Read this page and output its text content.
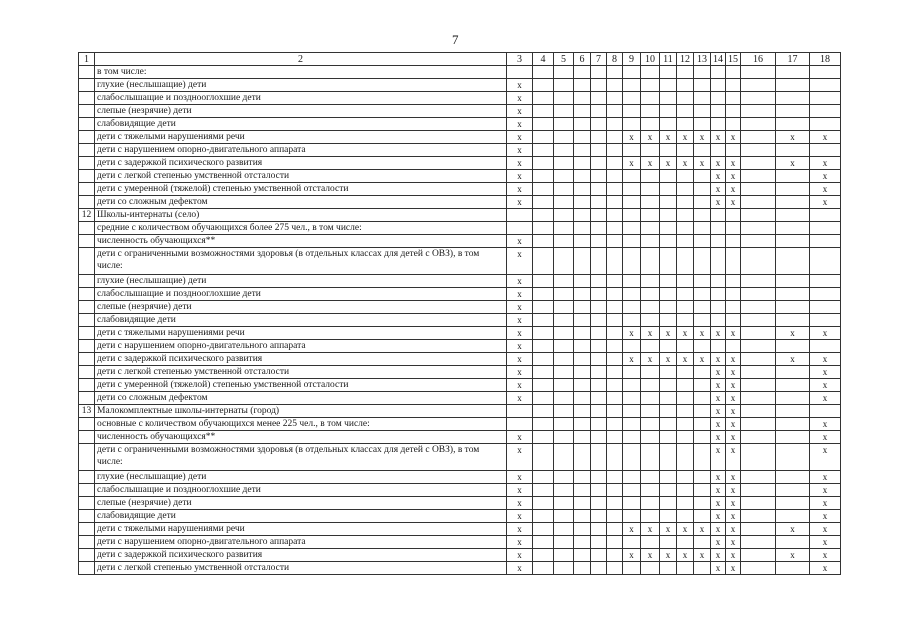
7
1	2	3	4	5	6	7	8	9	10	11	12	13	14	15	16	17	18
	в том числе:																
	глухие (неслышащие) дети	x															
	слабослышащие и позднооглохшие дети	x															
	слепые (незрячие) дети	x															
	слабовидящие дети	x															
	дети с тяжелыми нарушениями речи	x						x	x	x	x	x	x	x		x	x
	дети с нарушением опорно-двигательного аппарата	x															
	дети с задержкой психического развития	x						x	x	x	x	x	x	x		x	x
	дети с легкой степенью умственной отсталости	x											x	x			x
	дети с умеренной (тяжелой) степенью умственной отсталости	x											x	x			x
	дети со сложным дефектом	x											x	x			x
12	Школы-интернаты (село)																
	средние с количеством обучающихся более 275 чел., в том числе:																
	численность обучающихся**	x															
	дети с ограниченными возможностями здоровья (в отдельных классах для детей с ОВЗ), в том числе:	x															
	глухие (неслышащие) дети	x															
	слабослышащие и позднооглохшие дети	x															
	слепые (незрячие) дети	x															
	слабовидящие дети	x															
	дети с тяжелыми нарушениями речи	x						x	x	x	x	x	x	x		x	x
	дети с нарушением опорно-двигательного аппарата	x															
	дети с задержкой психического развития	x						x	x	x	x	x	x	x		x	x
	дети с легкой степенью умственной отсталости	x											x	x			x
	дети с умеренной (тяжелой) степенью умственной отсталости	x											x	x			x
	дети со сложным дефектом	x											x	x			x
13	Малокомплектные школы-интернаты (город)												x	x			
	основные с количеством обучающихся менее 225 чел., в том числе:												x	x			x
	численность обучающихся**	x											x	x			x
	дети с ограниченными возможностями здоровья (в отдельных классах для детей с ОВЗ), в том числе:	x											x	x			x
	глухие (неслышащие) дети	x											x	x			x
	слабослышащие и позднооглохшие дети	x											x	x			x
	слепые (незрячие) дети	x											x	x			x
	слабовидящие дети	x											x	x			x
	дети с тяжелыми нарушениями речи	x						x	x	x	x	x	x	x		x	x
	дети с нарушением опорно-двигательного аппарата	x											x	x			x
	дети с задержкой психического развития	x						x	x	x	x	x	x	x		x	x
	дети с легкой степенью умственной отсталости	x											x	x			x
